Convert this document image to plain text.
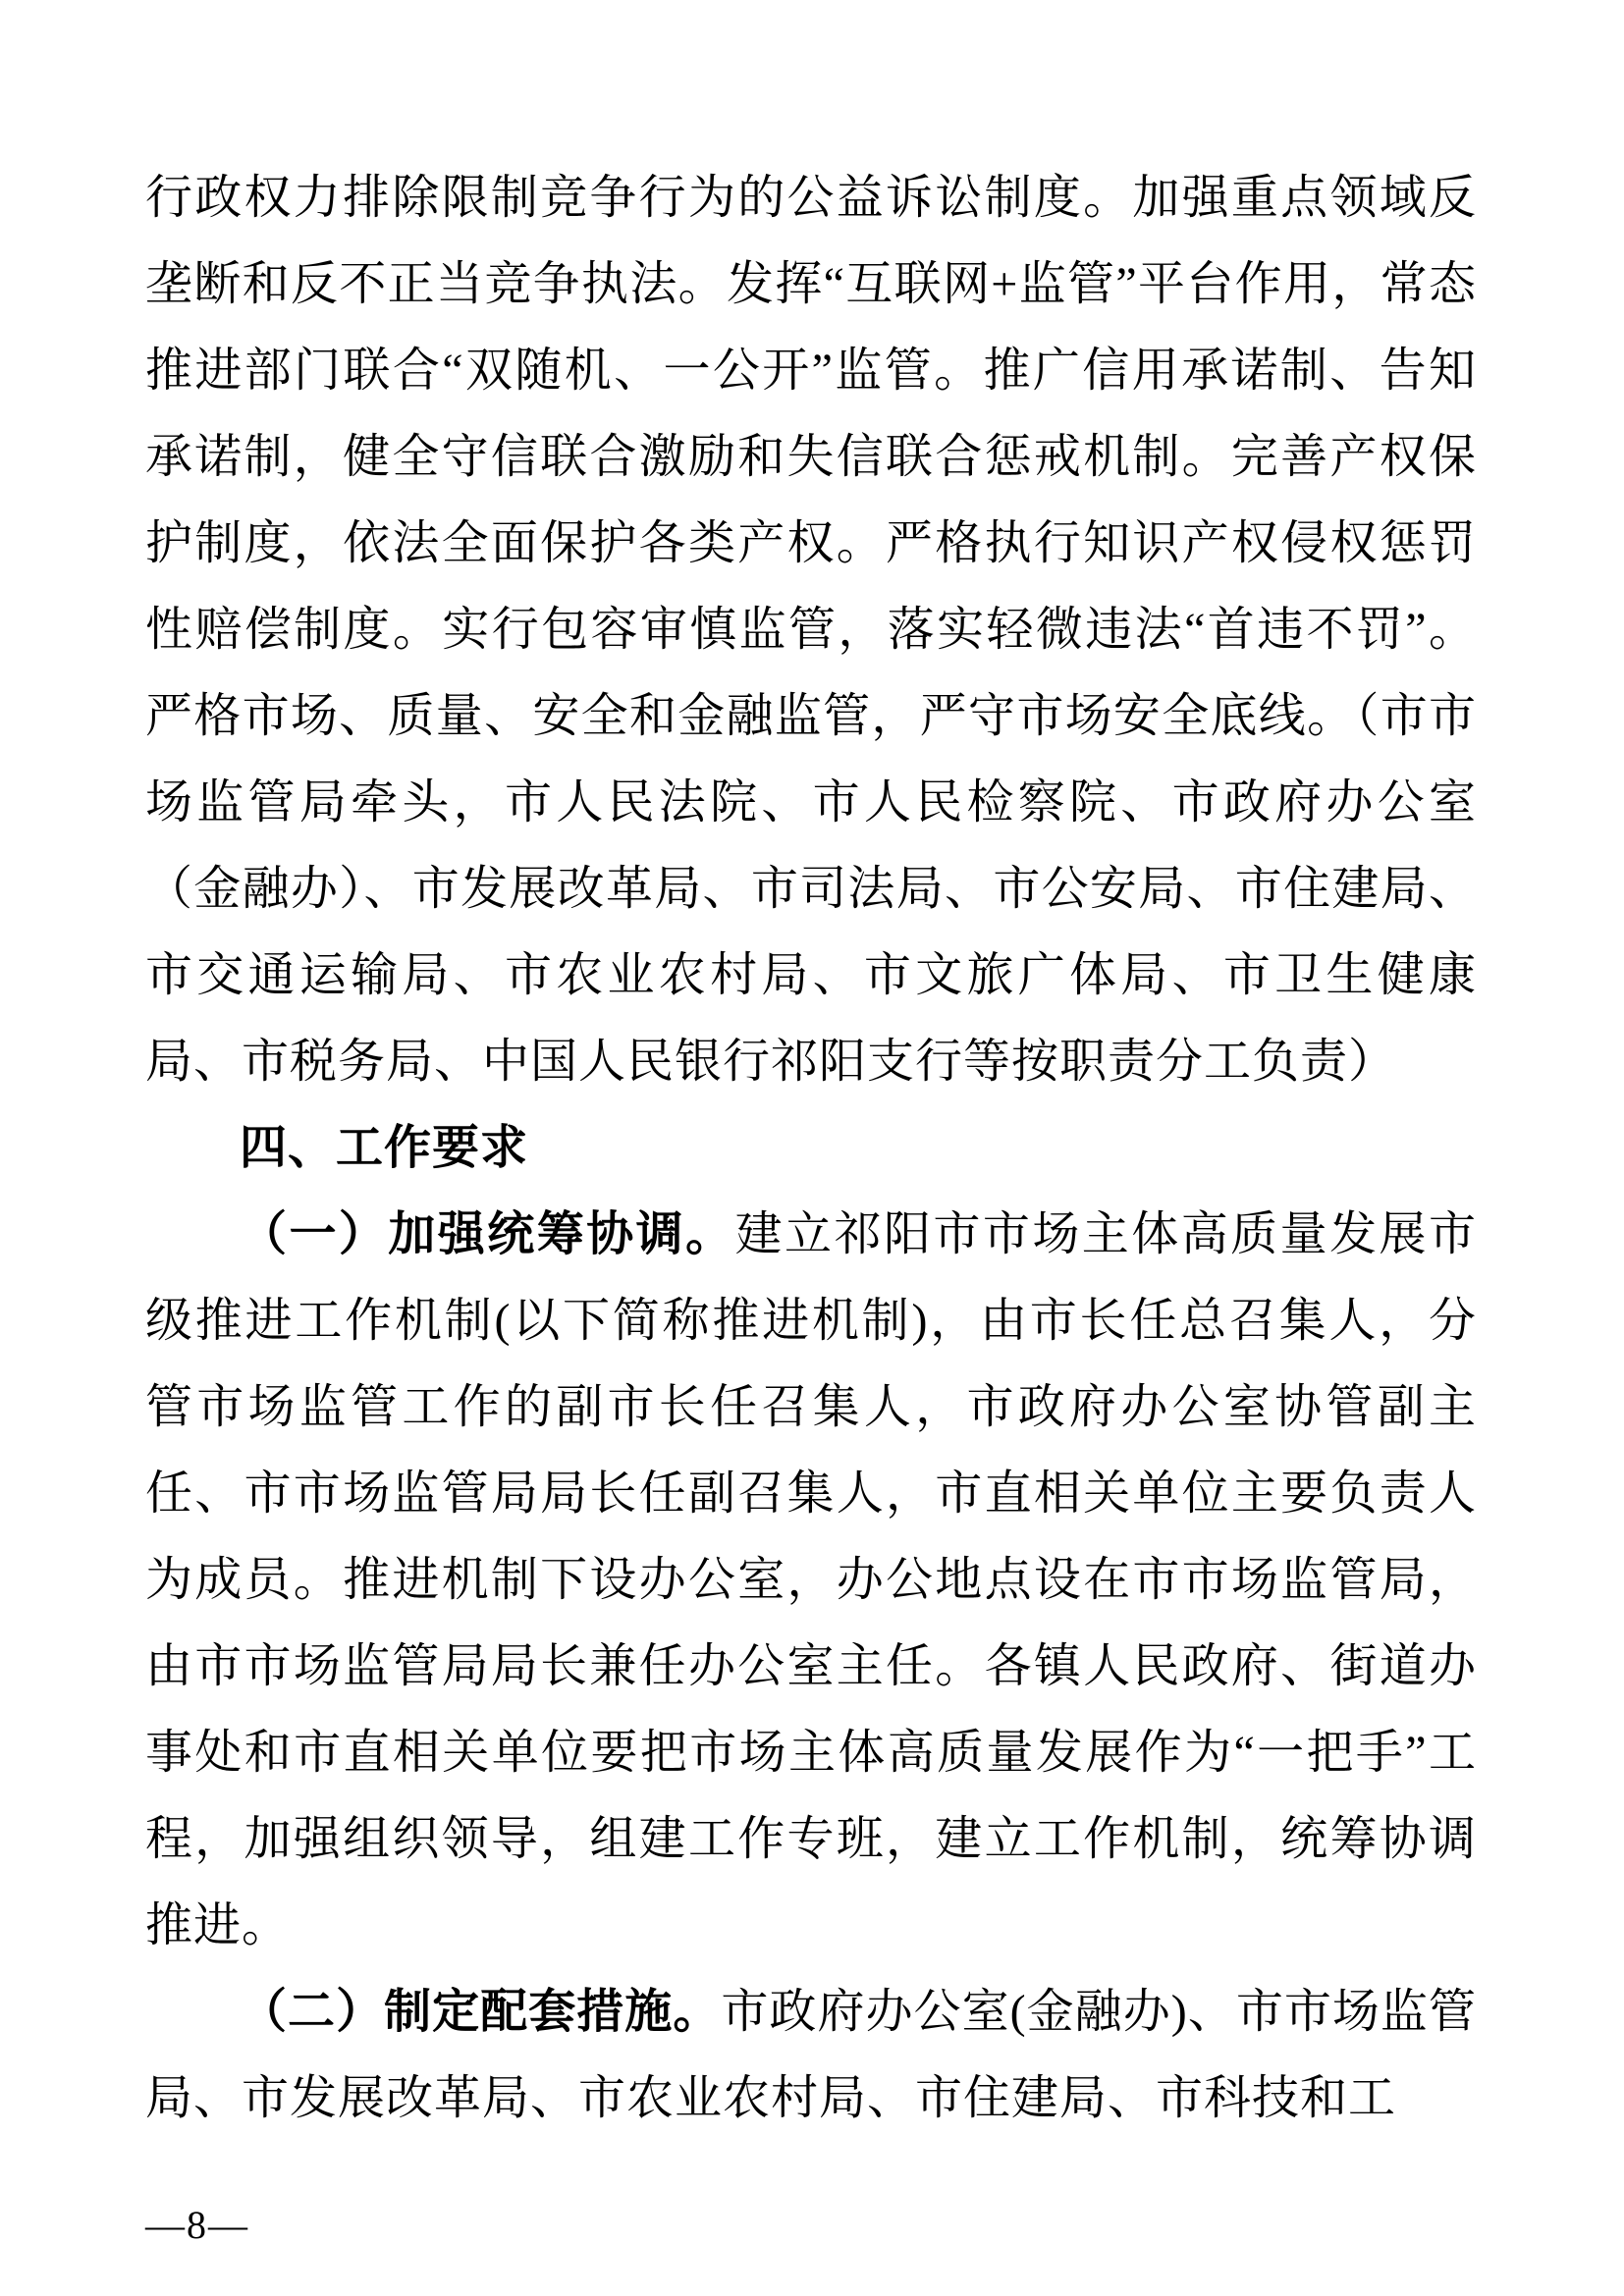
行政权力排除限制竞争行为的公益诉讼制度。加强重点领域反垄断和反不正当竞争执法。发挥“互联网+监管”平台作用，常态推进部门联合“双随机、一公开”监管。推广信用承诺制、告知承诺制，健全守信联合激励和失信联合惩戒机制。完善产权保护制度，依法全面保护各类产权。严格执行知识产权侵权惩罚性赔偿制度。实行包容审慎监管，落实轻微违法“首违不罚”。严格市场、质量、安全和金融监管，严守市场安全底线。（市市场监管局牵头，市人民法院、市人民检察院、市政府办公室（金融办）、市发展改革局、市司法局、市公安局、市住建局、市交通运输局、市农业农村局、市文旅广体局、市卫生健康局、市税务局、中国人民银行祁阳支行等按职责分工负责）

四、工作要求

（一）加强统筹协调。建立祁阳市市场主体高质量发展市级推进工作机制(以下简称推进机制)，由市长任总召集人，分管市场监管工作的副市长任召集人，市政府办公室协管副主任、市市场监管局局长任副召集人，市直相关单位主要负责人为成员。推进机制下设办公室，办公地点设在市市场监管局，由市市场监管局局长兼任办公室主任。各镇人民政府、街道办事处和市直相关单位要把市场主体高质量发展作为“一把手”工程，加强组织领导，组建工作专班，建立工作机制，统筹协调推进。

（二）制定配套措施。市政府办公室(金融办)、市市场监管局、市发展改革局、市农业农村局、市住建局、市科技和工

—8—
